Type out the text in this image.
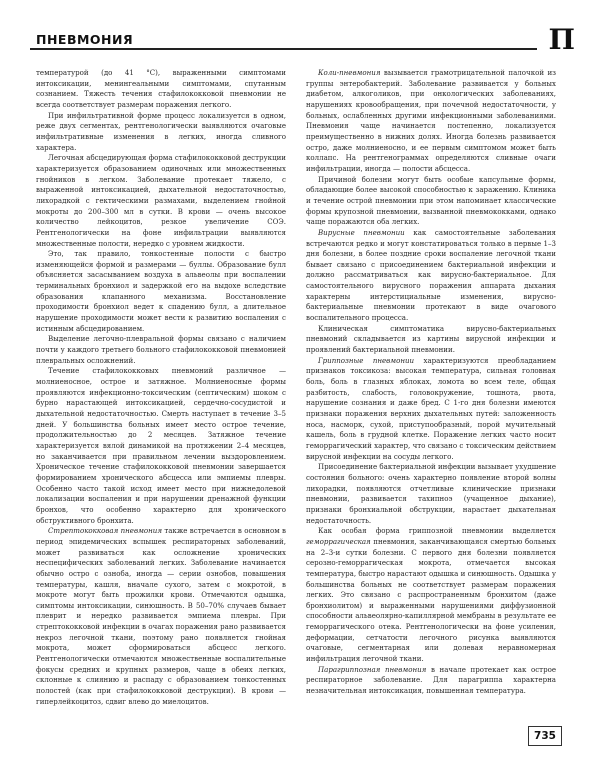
ПНЕВМОНИЯ	П

температурой (до 41 °C), выраженными симптомами интоксикации, менингеальными симптомами, спутанным сознанием. Тяжесть течения стафилококковой пневмонии не всегда соответствует размерам поражения легкого.

При инфильтративной форме процесс локализуется в одном, реже двух сегментах, рентгенологически выявляются очаговые инфильтративные изменения в легких, иногда сливного характера.

Легочная абсцедирующая форма стафилококковой деструкции характеризуется образованием одиночных или множественных гнойников в легком. Заболевание протекает тяжело, с выраженной интоксикацией, дыхательной недостаточностью, лихорадкой с гектическими размахами, выделением гнойной мокроты до 200–300 мл в сутки. В крови — очень высокое количество лейкоцитов, резкое увеличение СОЭ. Рентгенологически на фоне инфильтрации выявляются множественные полости, нередко с уровнем жидкости.

Это, так правило, тонкостенные полости с быстро изменяющейся формой и размерами — буллы. Образование булл объясняется засасыванием воздуха в альвеолы при воспалении терминальных бронхиол и задержкой его на выдохе вследствие образования клапанного механизма. Восстановление проходимости бронхиол ведет к спадению булл, а длительное нарушение проходимости может вести к развитию воспаления с истинным абсцедированием.

Выделение легочно-плевральной формы связано с наличием почти у каждого третьего больного стафилококковой пневмонией плевральных осложнений.

Течение стафилококковых пневмоний различное — молниеносное, острое и затяжное. Молниеносные формы проявляются инфекционно-токсическим (септическим) шоком с бурно нарастающей интоксикацией, сердечно-сосудистой и дыхательной недостаточностью. Смерть наступает в течение 3–5 дней. У большинства больных имеет место острое течение, продолжительностью до 2 месяцев. Затяжное течение характеризуется вялой динамикой на протяжении 2–4 месяцев, но заканчивается при правильном лечении выздоровлением. Хроническое течение стафилококковой пневмонии завершается формированием хронического абсцесса или эмпиемы плевры. Особенно часто такой исход имеет место при нижнедолевой локализации воспаления и при нарушении дренажной функции бронхов, что особенно характерно для хронического обструктивного бронхита.

Стрептококковая пневмония также встречается в основном в период эпидемических вспышек респираторных заболеваний, может развиваться как осложнение хронических неспецифических заболеваний легких. Заболевание начинается обычно остро с озноба, иногда — серии ознобов, повышения температуры, кашля, вначале сухого, затем с мокротой, в мокроте могут быть прожилки крови. Отмечаются одышка, симптомы интоксикации, синюшность. В 50–70% случаев бывает плеврит и нередко развивается эмпиема плевры. При стрептококковой инфекции в очагах поражения рано развивается некроз легочной ткани, поэтому рано появляется гнойная мокрота, может сформироваться абсцесс легкого. Рентгенологически отмечаются множественные воспалительные фокусы средних и крупных размеров, чаще в обеих легких, склонные к слиянию и распаду с образованием тонкостенных полостей (как при стафилококковой деструкции). В крови — гиперлейкоцитоз, сдвиг влево до миелоцитов.

Коли-пневмония вызывается грамотрицательной палочкой из группы энтеробактерий. Заболевание развивается у больных диабетом, алкоголиков, при онкологических заболеваниях, нарушениях кровообращения, при почечной недостаточности, у больных, ослабленных другими инфекционными заболеваниями. Пневмония чаще начинается постепенно, локализуется преимущественно в нижних долях. Иногда болезнь развивается остро, даже молниеносно, и ее первым симптомом может быть коллапс. На рентгенограммах определяются сливные очаги инфильтрации, иногда — полости абсцесса.

Причиной болезни могут быть особые капсульные формы, обладающие более высокой способностью к заражению. Клиника и течение острой пневмонии при этом напоминает классические формы крупозной пневмонии, вызванной пневмококками, однако чаще поражаются оба легких.

Вирусные пневмонии как самостоятельные заболевания встречаются редко и могут констатироваться только в первые 1–3 дня болезни, в более поздние сроки воспаление легочной ткани бывает связано с присоединением бактериальной инфекции и должно рассматриваться как вирусно-бактериальное. Для самостоятельного вирусного поражения аппарата дыхания характерны интерстициальные изменения, вирусно-бактериальные пневмонии протекают в виде очагового воспалительного процесса.

Клиническая симптоматика вирусно-бактериальных пневмоний складывается из картины вирусной инфекции и проявлений бактериальной пневмонии.

Гриппозные пневмонии характеризуются преобладанием признаков токсикоза: высокая температура, сильная головная боль, боль в глазных яблоках, ломота во всем теле, общая разбитость, слабость, головокружение, тошнота, рвота, нарушение сознания и даже бред. С 1-го дня болезни имеются признаки поражения верхних дыхательных путей: заложенность носа, насморк, сухой, приступообразный, порой мучительный кашель, боль в грудной клетке. Поражение легких часто носит геморрагический характер, что связано с токсическим действием вирусной инфекции на сосуды легкого.

Присоединение бактериальной инфекции вызывает ухудшение состояния больного: очень характерно появление второй волны лихорадки, появляются отчетливые клинические признаки пневмонии, развивается тахипноэ (учащенное дыхание), признаки бронхиальной обструкции, нарастает дыхательная недостаточность.

Как особая форма гриппозной пневмонии выделяется геморрагическая пневмония, заканчивающаяся смертью больных на 2–3-и сутки болезни. С первого дня болезни появляется серозно-геморрагическая мокрота, отмечается высокая температура, быстро нарастают одышка и синюшность. Одышка у большинства больных не соответствует размерам поражения легких. Это связано с распространенным бронхитом (даже бронхиолитом) и выраженными нарушениями диффузионной способности альвеолярно-капиллярной мембраны в результате ее геморрагического отека. Рентгенологически на фоне усиления, деформации, сетчатости легочного рисунка выявляются очаговые, сегментарная или долевая неравномерная инфильтрация легочной ткани.

Парагриппозная пневмония в начале протекает как острое респираторное заболевание. Для парагриппа характерна незначительная интоксикация, повышенная температура.

735
